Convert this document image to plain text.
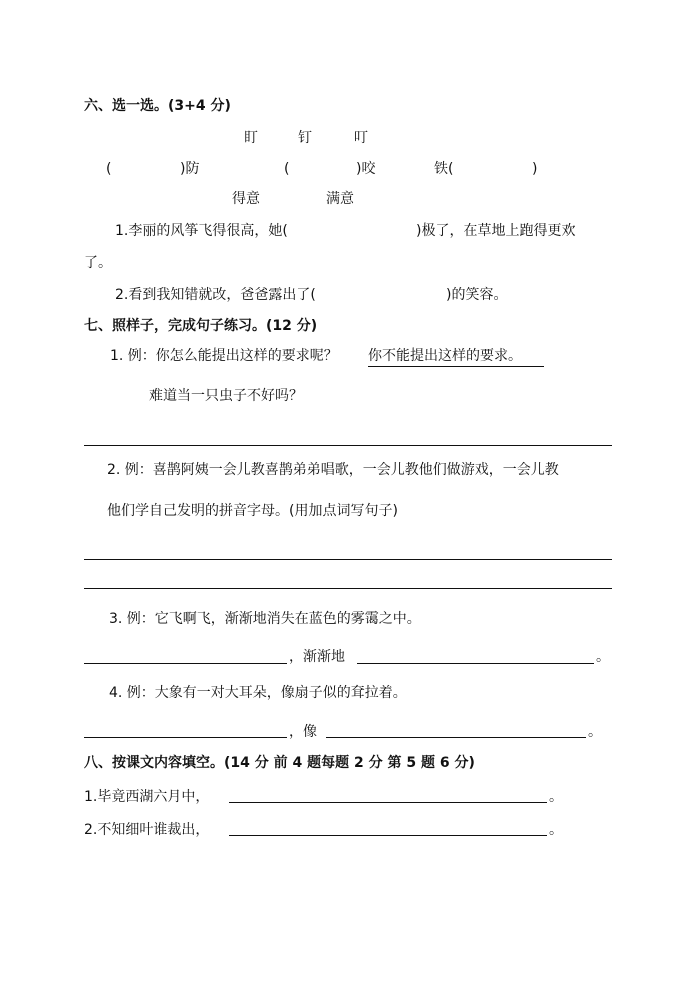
六、选一选。(3+4 分)
盯	钉	叮
(	)防	(	)咬	铁(	)
得意	满意
1.李丽的风筝飞得很高，她(	)极了，在草地上跑得更欢
了。
2.看到我知错就改，爸爸露出了(	)的笑容。
七、照样子，完成句子练习。(12 分)
1. 例：你怎么能提出这样的要求呢？ 你不能提出这样的要求。
难道当一只虫子不好吗？
2. 例：喜鹊阿姨一会儿教喜鹊弟弟唱歌，一会儿教他们做游戏，一会儿教
他们学自己发明的拼音字母。(用加点词写句子)
3. 例：它飞啊飞，渐渐地消失在蓝色的雾霭之中。
，渐渐地	。
4. 例：大象有一对大耳朵，像扇子似的耷拉着。
，像	。
八、按课文内容填空。(14 分 前 4 题每题 2 分 第 5 题 6 分)
1.毕竟西湖六月中，	。
2.不知细叶谁裁出，	。
